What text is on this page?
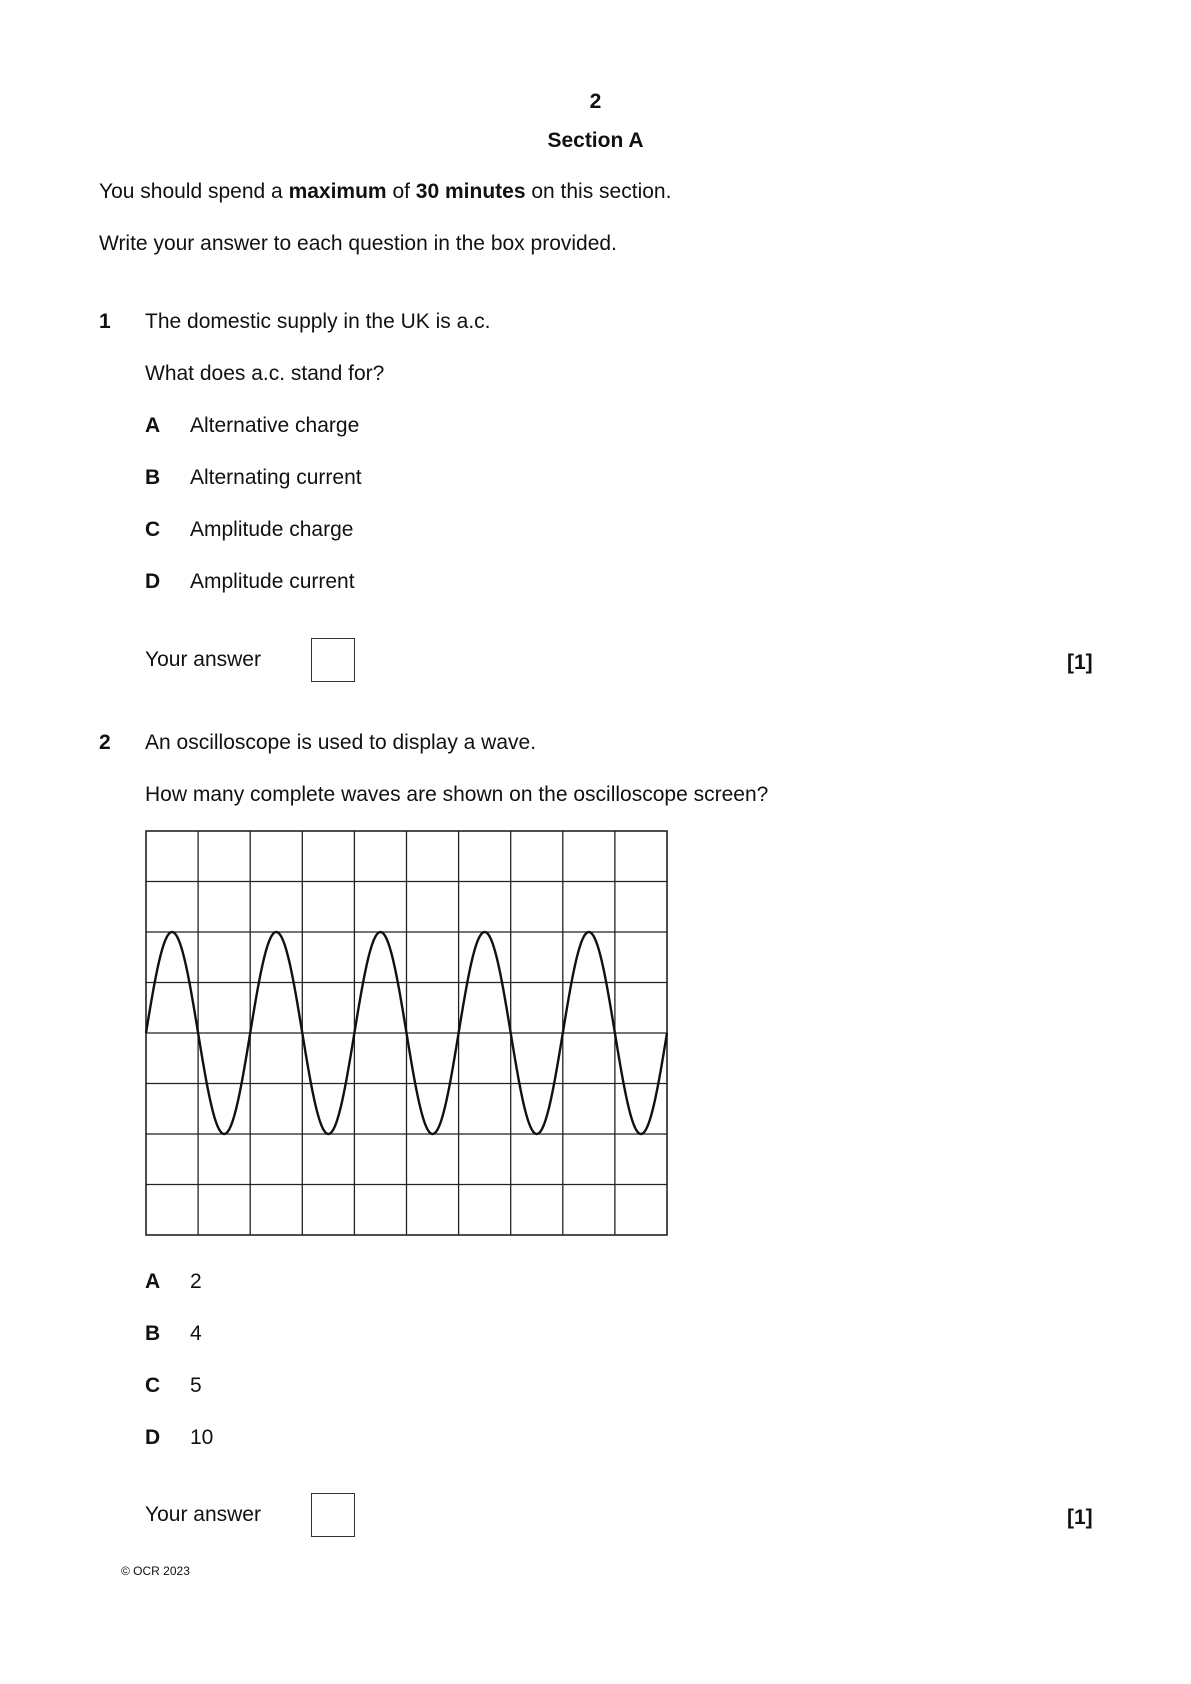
2
Section A
You should spend a maximum of 30 minutes on this section.
Write your answer to each question in the box provided.
1 The domestic supply in the UK is a.c.
What does a.c. stand for?
A Alternative charge
B Alternating current
C Amplitude charge
D Amplitude current
Your answer	[1]
2 An oscilloscope is used to display a wave.
How many complete waves are shown on the oscilloscope screen?
A 2
B 4
C 5
D 10
Your answer	[1]
© OCR 2023
